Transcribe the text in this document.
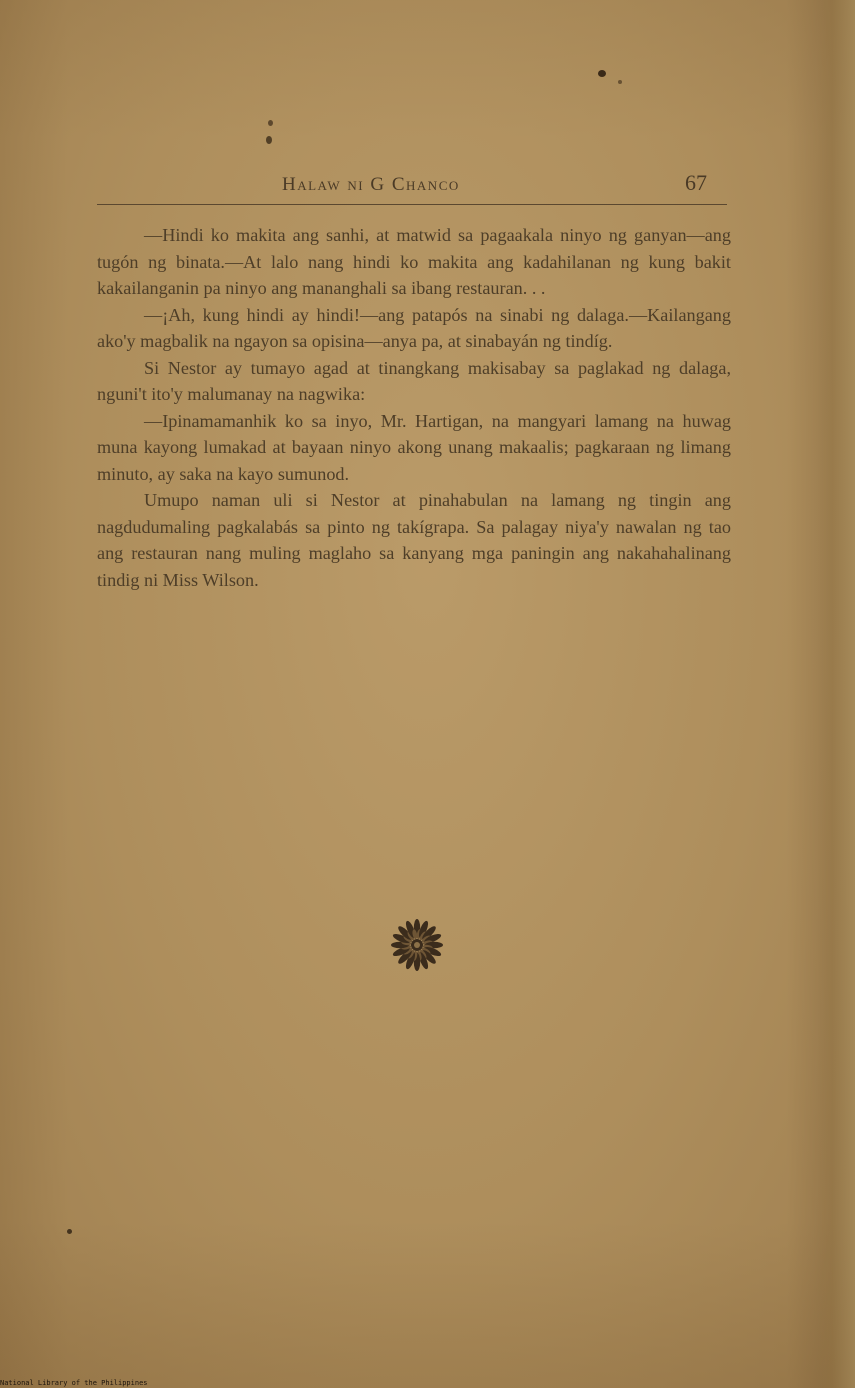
Halaw ni G Chanco	67

—Hindi ko makita ang sanhi, at matwid sa pagaakala ninyo ng ganyan—ang tugón ng binata.—At lalo nang hindi ko makita ang kadahilanan ng kung bakit kakailanganin pa ninyo ang mananghali sa ibang restauran. . .

—¡Ah, kung hindi ay hindi!—ang patapós na sinabi ng dalaga.—Kailangang ako'y magbalik na ngayon sa opisina—anya pa, at sinabayán ng tindíg.

Si Nestor ay tumayo agad at tinangkang makisabay sa paglakad ng dalaga, nguni't ito'y malumanay na nagwika:

—Ipinamamanhik ko sa inyo, Mr. Hartigan, na mangyari lamang na huwag muna kayong lumakad at bayaan ninyo akong unang makaalis; pagkaraan ng limang minuto, ay saka na kayo sumunod.

Umupo naman uli si Nestor at pinahabulan na lamang ng tingin ang nagdudumaling pagkalabás sa pinto ng takígrapa. Sa palagay niya'y nawalan ng tao ang restauran nang muling maglaho sa kanyang mga paningin ang nakahahalinang tindig ni Miss Wilson.

National Library of the Philippines
